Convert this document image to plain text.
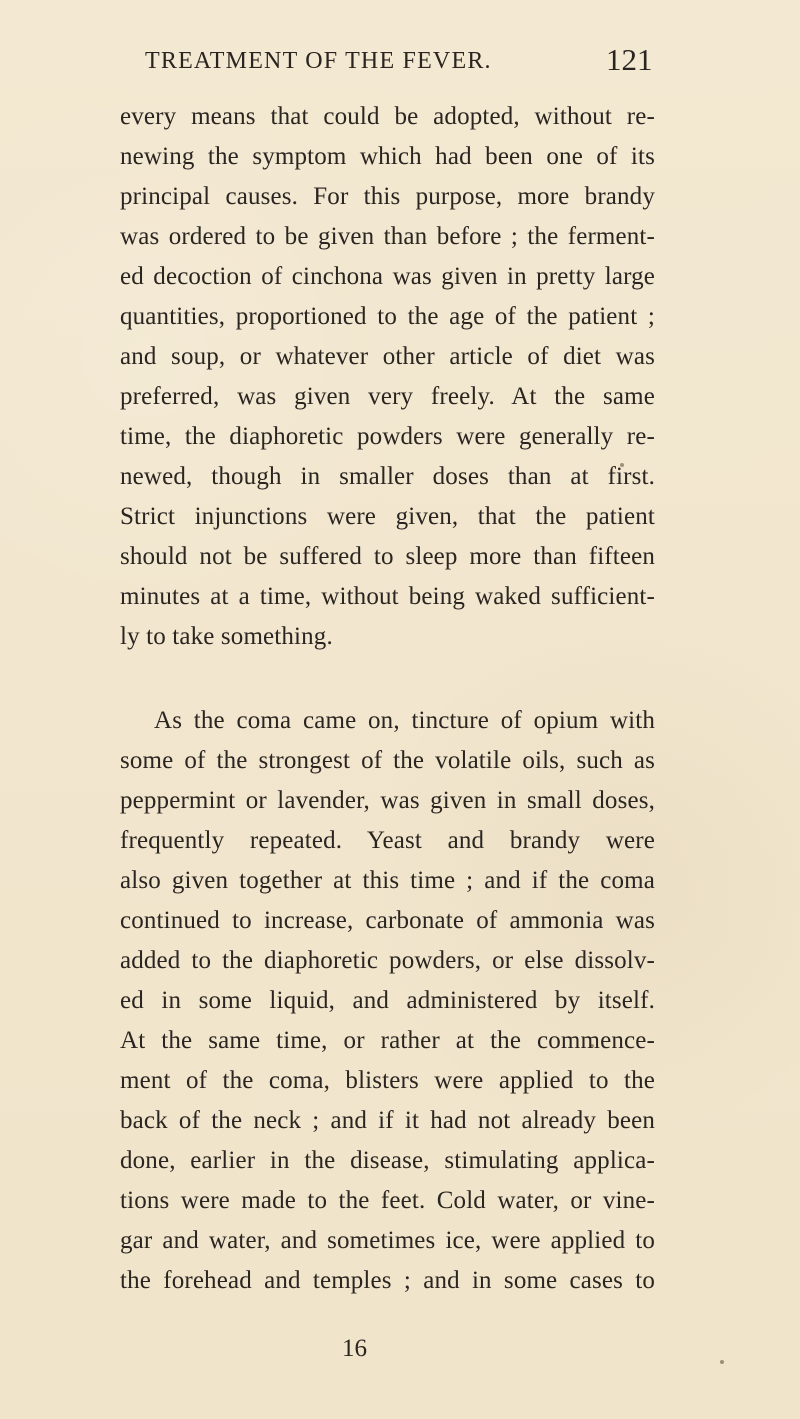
TREATMENT OF THE FEVER.	121
every means that could be adopted, without re-
newing the symptom which had been one of its
principal causes. For this purpose, more brandy
was ordered to be given than before ; the ferment-
ed decoction of cinchona was given in pretty large
quantities, proportioned to the age of the patient ;
and soup, or whatever other article of diet was
preferred, was given very freely. At the same
time, the diaphoretic powders were generally re-
newed, though in smaller doses than at first.
Strict injunctions were given, that the patient
should not be suffered to sleep more than fifteen
minutes at a time, without being waked sufficient-
ly to take something.
As the coma came on, tincture of opium with
some of the strongest of the volatile oils, such as
peppermint or lavender, was given in small doses,
frequently repeated. Yeast and brandy were
also given together at this time ; and if the coma
continued to increase, carbonate of ammonia was
added to the diaphoretic powders, or else dissolv-
ed in some liquid, and administered by itself.
At the same time, or rather at the commence-
ment of the coma, blisters were applied to the
back of the neck ; and if it had not already been
done, earlier in the disease, stimulating applica-
tions were made to the feet. Cold water, or vine-
gar and water, and sometimes ice, were applied to
the forehead and temples ; and in some cases to
16
